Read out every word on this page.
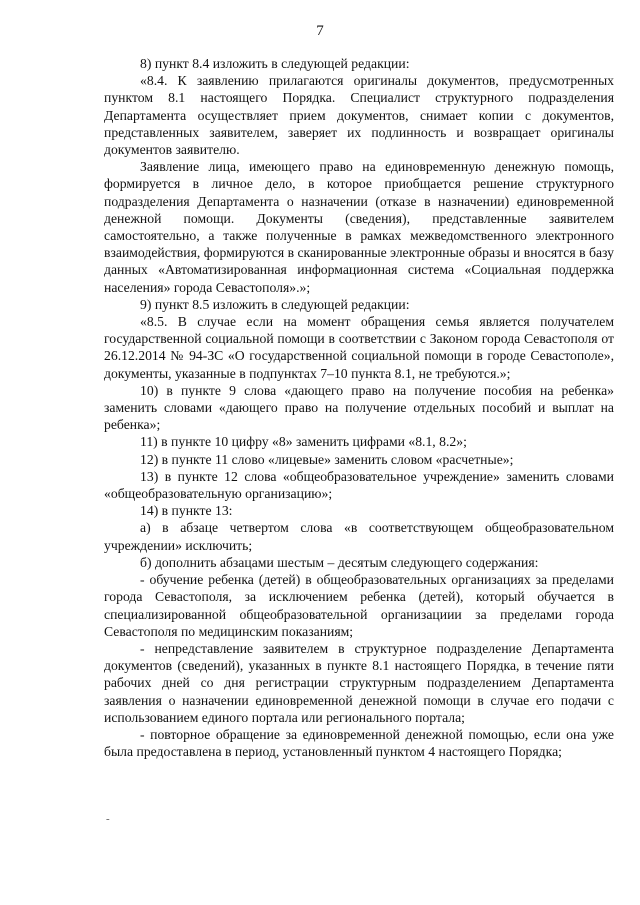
7

8) пункт 8.4 изложить в следующей редакции:

«8.4. К заявлению прилагаются оригиналы документов, предусмотренных пунктом 8.1 настоящего Порядка. Специалист структурного подразделения Департамента осуществляет прием документов, снимает копии с документов, представленных заявителем, заверяет их подлинность и возвращает оригиналы документов заявителю.

Заявление лица, имеющего право на единовременную денежную помощь, формируется в личное дело, в которое приобщается решение структурного подразделения Департамента о назначении (отказе в назначении) единовременной денежной помощи. Документы (сведения), представленные заявителем самостоятельно, а также полученные в рамках межведомственного электронного взаимодействия, формируются в сканированные электронные образы и вносятся в базу данных «Автоматизированная информационная система «Социальная поддержка населения» города Севастополя».»;

9) пункт 8.5 изложить в следующей редакции:

«8.5. В случае если на момент обращения семья является получателем государственной социальной помощи в соответствии с Законом города Севастополя от 26.12.2014 № 94-ЗС «О государственной социальной помощи в городе Севастополе», документы, указанные в подпунктах 7–10 пункта 8.1, не требуются.»;

10) в пункте 9 слова «дающего право на получение пособия на ребенка» заменить словами «дающего право на получение отдельных пособий и выплат на ребенка»;

11) в пункте 10 цифру «8» заменить цифрами «8.1, 8.2»;

12) в пункте 11 слово «лицевые» заменить словом «расчетные»;

13) в пункте 12 слова «общеобразовательное учреждение» заменить словами «общеобразовательную организацию»;

14) в пункте 13:

а) в абзаце четвертом слова «в соответствующем общеобразовательном учреждении» исключить;

б) дополнить абзацами шестым – десятым следующего содержания:

- обучение ребенка (детей) в общеобразовательных организациях за пределами города Севастополя, за исключением ребенка (детей), который обучается в специализированной общеобразовательной организациии за пределами города Севастополя по медицинским показаниям;

- непредставление заявителем в структурное подразделение Департамента документов (сведений), указанных в пункте 8.1 настоящего Порядка, в течение пяти рабочих дней со дня регистрации структурным подразделением Департамента заявления о назначении единовременной денежной помощи в случае его подачи с использованием единого портала или регионального портала;

- повторное обращение за единовременной денежной помощью, если она уже была предоставлена в период, установленный пунктом 4 настоящего Порядка;

-
